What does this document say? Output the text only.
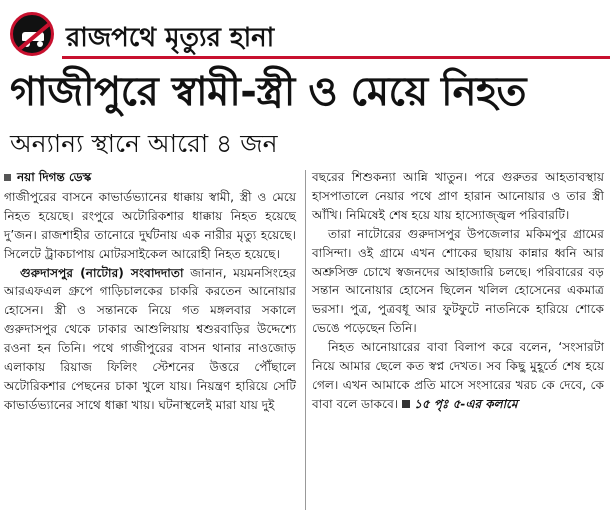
রাজপথে মৃত্যুর হানা
গাজীপুরে স্বামী-স্ত্রী ও মেয়ে নিহত
অন্যান্য স্থানে আরো ৪ জন
নয়া দিগন্ত ডেস্ক

গাজীপুরের বাসনে কাভার্ডভ্যানের ধাক্কায় স্বামী, স্ত্রী ও মেয়ে নিহত হয়েছে। রংপুরে অটোরিকশার ধাক্কায় নিহত হয়েছে দু’জন। রাজশাহীর তানোরে দুর্ঘটনায় এক নারীর মৃত্যু হয়েছে। সিলেটে ট্রাকচাপায় মোটরসাইকেল আরোহী নিহত হয়েছে।

গুরুদাসপুর (নাটোর) সংবাদদাতা জানান, ময়মনসিংহের আরএফএল গ্রুপে গাড়িচালকের চাকরি করতেন আনোয়ার হোসেন। স্ত্রী ও সন্তানকে নিয়ে গত মঙ্গলবার সকালে গুরুদাসপুর থেকে ঢাকার আশুলিয়ায় শ্বশুরবাড়ির উদ্দেশ্যে রওনা হন তিনি। পথে গাজীপুরের বাসন থানার নাওজোড় এলাকায় রিয়াজ ফিলিং স্টেশনের উত্তরে পৌঁছালে অটোরিকশার পেছনের চাকা খুলে যায়। নিয়ন্ত্রণ হারিয়ে সেটি কাভার্ডভ্যানের সাথে ধাক্কা খায়। ঘটনাস্থলেই মারা যায় দুই

বছরের শিশুকন্যা আন্নি খাতুন। পরে গুরুতর আহতাবস্থায় হাসপাতালে নেয়ার পথে প্রাণ হারান আনোয়ার ও তার স্ত্রী আঁখি। নিমিষেই শেষ হয়ে যায় হাস্যোজ্জ্বল পরিবারটি।

তারা নাটোরের গুরুদাসপুর উপজেলার মকিমপুর গ্রামের বাসিন্দা। ওই গ্রামে এখন শোকের ছায়ায় কান্নার ধ্বনি আর অশ্রুসিক্ত চোখে স্বজনদের আহাজারি চলছে। পরিবারের বড় সন্তান আনোয়ার হোসেন ছিলেন খলিল হোসেনের একমাত্র ভরসা। পুত্র, পুত্রবধূ আর ফুটফুটে নাতনিকে হারিয়ে শোকে ভেঙে পড়েছেন তিনি।

নিহত আনোয়ারের বাবা বিলাপ করে বলেন, ‘সংসারটা নিয়ে আমার ছেলে কত স্বপ্ন দেখত। সব কিছু মুহূর্তে শেষ হয়ে গেল। এখন আমাকে প্রতি মাসে সংসারের খরচ কে দেবে, কে বাবা বলে ডাকবে। ১৫ পৃঃ ৫-এর কলামে
